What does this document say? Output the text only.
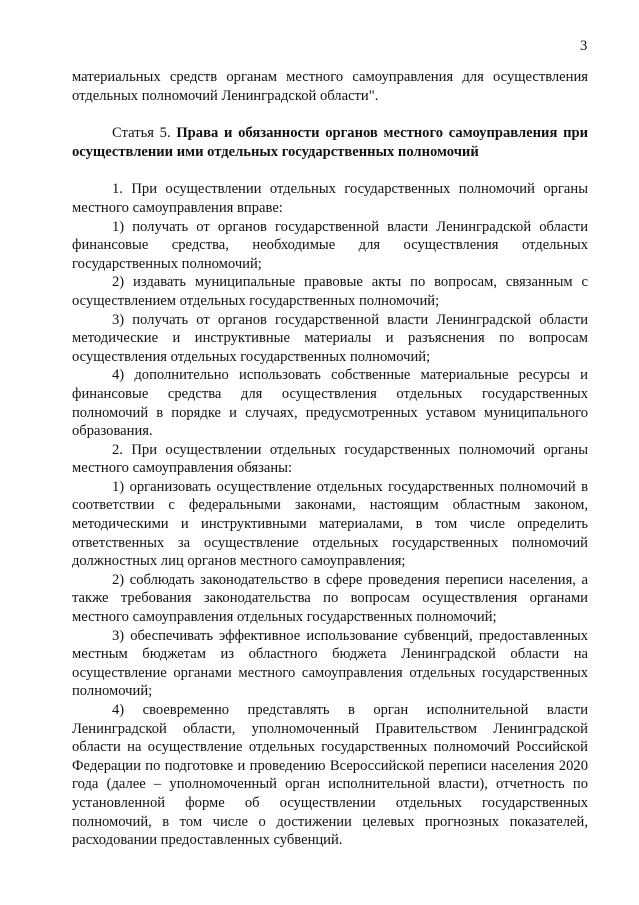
3

материальных средств органам местного самоуправления для осуществления отдельных полномочий Ленинградской области".

Статья 5. Права и обязанности органов местного самоуправления при осуществлении ими отдельных государственных полномочий

1. При осуществлении отдельных государственных полномочий органы местного самоуправления вправе:

1) получать от органов государственной власти Ленинградской области финансовые средства, необходимые для осуществления отдельных государственных полномочий;

2) издавать муниципальные правовые акты по вопросам, связанным с осуществлением отдельных государственных полномочий;

3) получать от органов государственной власти Ленинградской области методические и инструктивные материалы и разъяснения по вопросам осуществления отдельных государственных полномочий;

4) дополнительно использовать собственные материальные ресурсы и финансовые средства для осуществления отдельных государственных полномочий в порядке и случаях, предусмотренных уставом муниципального образования.

2. При осуществлении отдельных государственных полномочий органы местного самоуправления обязаны:

1) организовать осуществление отдельных государственных полномочий в соответствии с федеральными законами, настоящим областным законом, методическими и инструктивными материалами, в том числе определить ответственных за осуществление отдельных государственных полномочий должностных лиц органов местного самоуправления;

2) соблюдать законодательство в сфере проведения переписи населения, а также требования законодательства по вопросам осуществления органами местного самоуправления отдельных государственных полномочий;

3) обеспечивать эффективное использование субвенций, предоставленных местным бюджетам из областного бюджета Ленинградской области на осуществление органами местного самоуправления отдельных государственных полномочий;

4) своевременно представлять в орган исполнительной власти Ленинградской области, уполномоченный Правительством Ленинградской области на осуществление отдельных государственных полномочий Российской Федерации по подготовке и проведению Всероссийской переписи населения 2020 года (далее – уполномоченный орган исполнительной власти), отчетность по установленной форме об осуществлении отдельных государственных полномочий, в том числе о достижении целевых прогнозных показателей, расходовании предоставленных субвенций.
